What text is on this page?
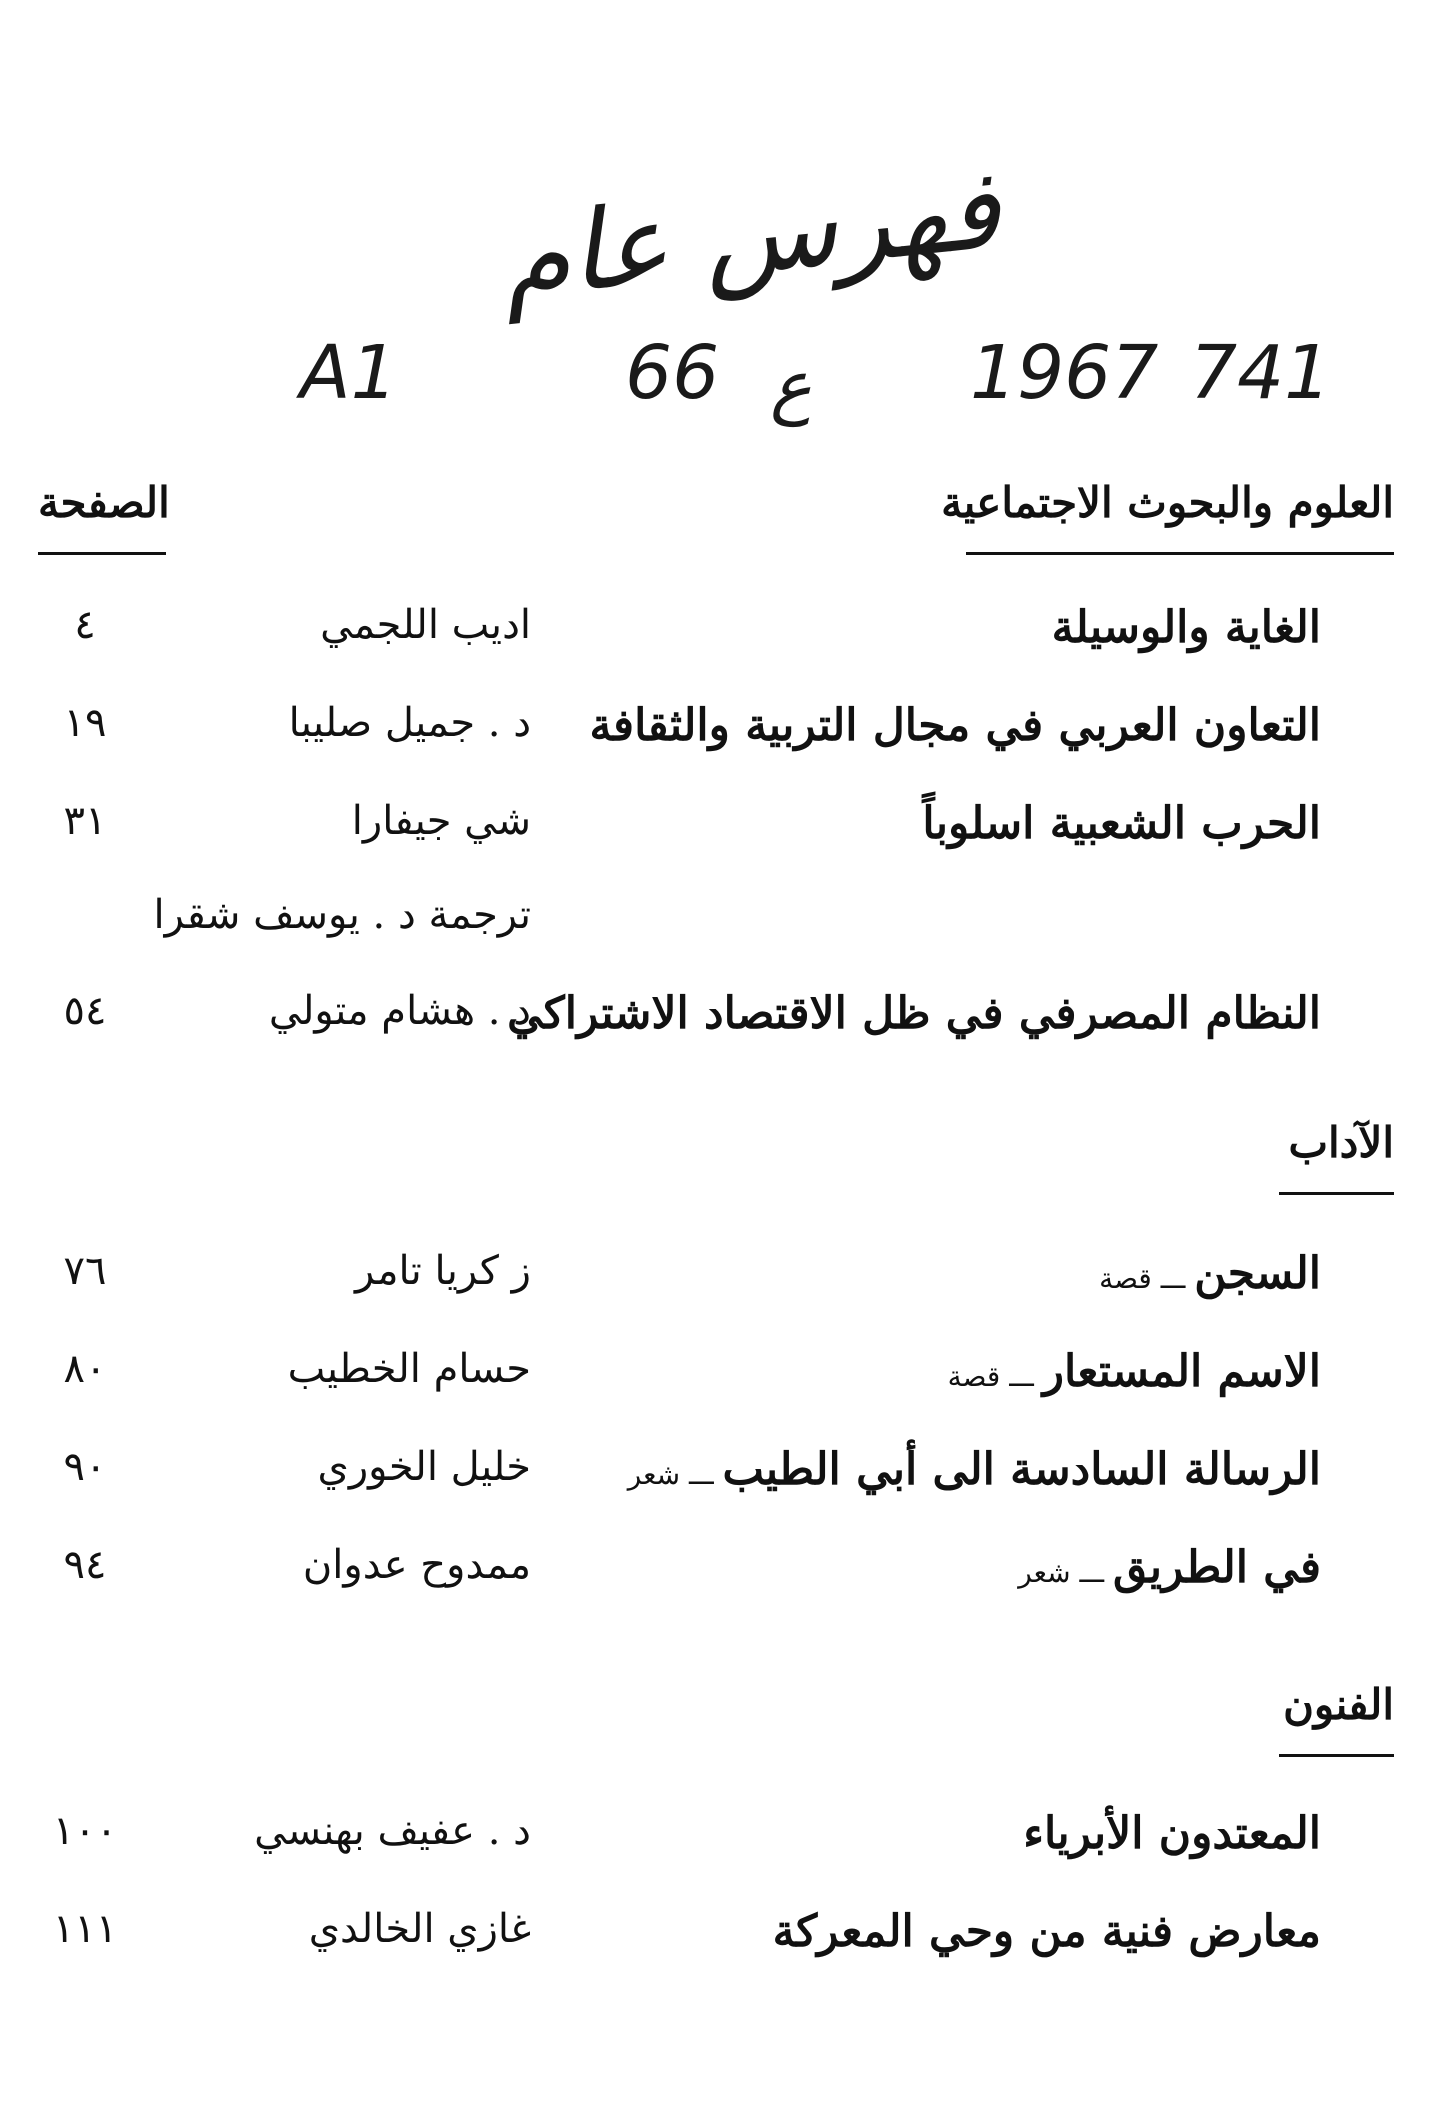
فهرس عام
A1	66 ع 1967 741
الصفحة	العلوم والبحوث الاجتماعية
الغاية والوسيلة
اديب اللجمي
٤
التعاون العربي في مجال التربية والثقافة
د . جميل صليبا
١٩
الحرب الشعبية اسلوباً
شي جيفارا
٣١
ترجمة د . يوسف شقرا
النظام المصرفي في ظل الاقتصاد الاشتراكي
د . هشام متولي
٥٤
الآداب
السجن ـــ قصة
ز كريا تامر
٧٦
الاسم المستعار ـــ قصة
حسام الخطيب
٨٠
الرسالة السادسة الى أبي الطيب ـــ شعر
خليل الخوري
٩٠
في الطريق ـــ شعر
ممدوح عدوان
٩٤
الفنون
المعتدون الأبرياء
د . عفيف بهنسي
١٠٠
معارض فنية من وحي المعركة
غازي الخالدي
١١١
